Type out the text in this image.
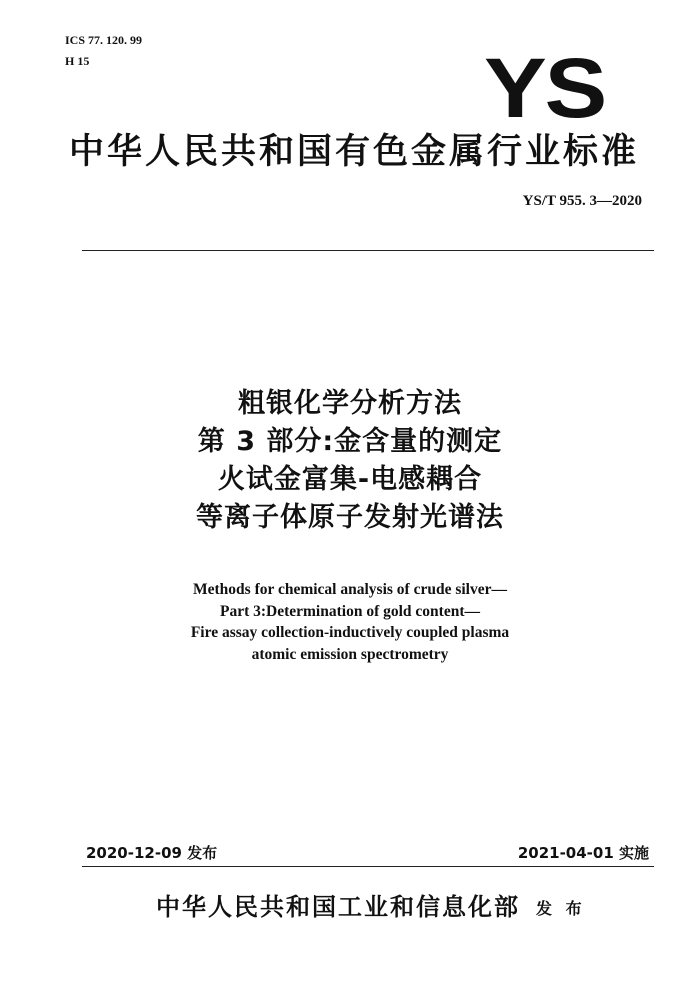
ICS 77. 120. 99
H 15	YS
中华人民共和国有色金属行业标准
YS/T 955. 3—2020
粗银化学分析方法
第 3 部分:金含量的测定
火试金富集-电感耦合
等离子体原子发射光谱法
Methods for chemical analysis of crude silver—
Part 3:Determination of gold content—
Fire assay collection-inductively coupled plasma
atomic emission spectrometry
2020-12-09 发布	2021-04-01 实施
中华人民共和国工业和信息化部 发 布
